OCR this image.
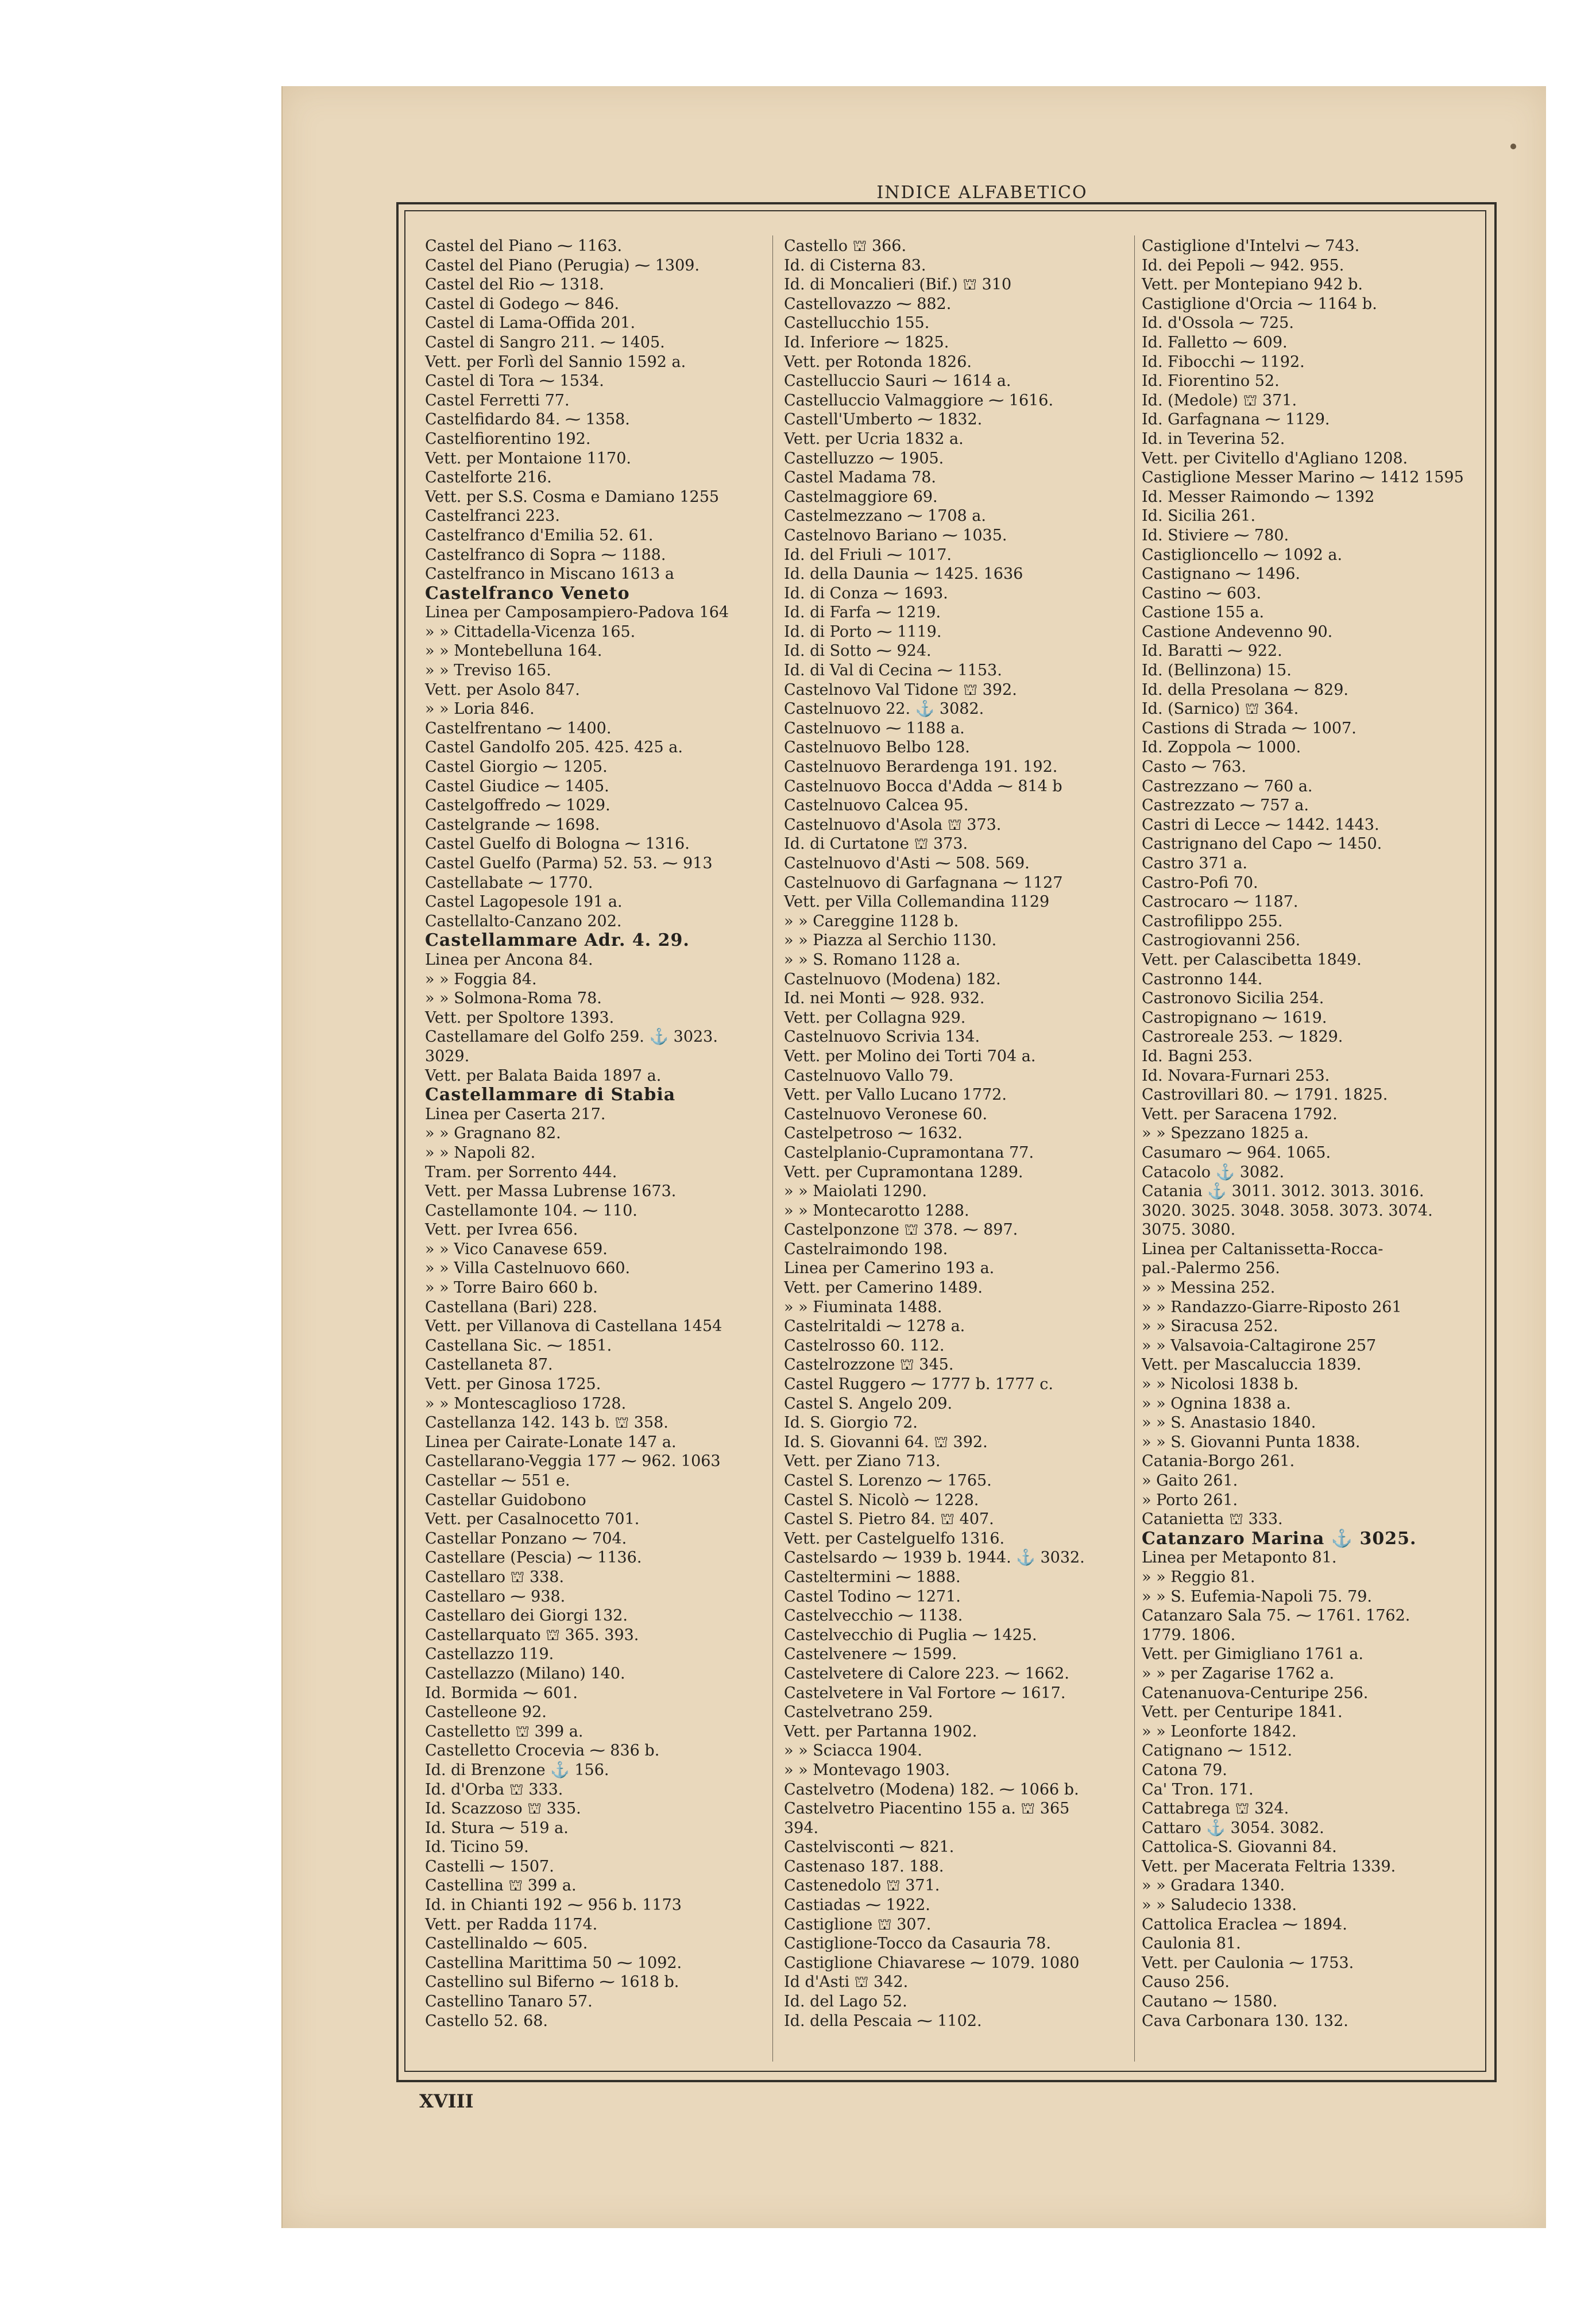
INDICE ALFABETICO
Castel del Piano ⁓ 1163.
Castel del Piano (Perugia) ⁓ 1309.
Castel del Rio ⁓ 1318.
Castel di Godego ⁓ 846.
Castel di Lama-Offida 201.
Castel di Sangro 211. ⁓ 1405.
Vett. per Forlì del Sannio 1592 a.
Castel di Tora ⁓ 1534.
Castel Ferretti 77.
Castelfidardo 84. ⁓ 1358.
Castelfiorentino 192.
Vett. per Montaione 1170.
Castelforte 216.
Vett. per S.S. Cosma e Damiano 1255
Castelfranci 223.
Castelfranco d'Emilia 52. 61.
Castelfranco di Sopra ⁓ 1188.
Castelfranco in Miscano 1613 a
Castelfranco Veneto
Linea per Camposampiero-Padova 164
» » Cittadella-Vicenza 165.
» » Montebelluna 164.
» » Treviso 165.
Vett. per Asolo 847.
» » Loria 846.
Castelfrentano ⁓ 1400.
Castel Gandolfo 205. 425. 425 a.
Castel Giorgio ⁓ 1205.
Castel Giudice ⁓ 1405.
Castelgoffredo ⁓ 1029.
Castelgrande ⁓ 1698.
Castel Guelfo di Bologna ⁓ 1316.
Castel Guelfo (Parma) 52. 53. ⁓ 913
Castellabate ⁓ 1770.
Castel Lagopesole 191 a.
Castellalto-Canzano 202.
Castellammare Adr. 4. 29.
Linea per Ancona 84.
» » Foggia 84.
» » Solmona-Roma 78.
Vett. per Spoltore 1393.
Castellamare del Golfo 259. ⚓ 3023.
3029.
Vett. per Balata Baida 1897 a.
Castellammare di Stabia
Linea per Caserta 217.
» » Gragnano 82.
» » Napoli 82.
Tram. per Sorrento 444.
Vett. per Massa Lubrense 1673.
Castellamonte 104. ⁓ 110.
Vett. per Ivrea 656.
» » Vico Canavese 659.
» » Villa Castelnuovo 660.
» » Torre Bairo 660 b.
Castellana (Bari) 228.
Vett. per Villanova di Castellana 1454
Castellana Sic. ⁓ 1851.
Castellaneta 87.
Vett. per Ginosa 1725.
» » Montescaglioso 1728.
Castellanza 142. 143 b. ⛫ 358.
Linea per Cairate-Lonate 147 a.
Castellarano-Veggia 177 ⁓ 962. 1063
Castellar ⁓ 551 e.
Castellar Guidobono
Vett. per Casalnocetto 701.
Castellar Ponzano ⁓ 704.
Castellare (Pescia) ⁓ 1136.
Castellaro ⛫ 338.
Castellaro ⁓ 938.
Castellaro dei Giorgi 132.
Castellarquato ⛫ 365. 393.
Castellazzo 119.
Castellazzo (Milano) 140.
Id. Bormida ⁓ 601.
Castelleone 92.
Castelletto ⛫ 399 a.
Castelletto Crocevia ⁓ 836 b.
Id. di Brenzone ⚓ 156.
Id. d'Orba ⛫ 333.
Id. Scazzoso ⛫ 335.
Id. Stura ⁓ 519 a.
Id. Ticino 59.
Castelli ⁓ 1507.
Castellina ⛫ 399 a.
Id. in Chianti 192 ⁓ 956 b. 1173
Vett. per Radda 1174.
Castellinaldo ⁓ 605.
Castellina Marittima 50 ⁓ 1092.
Castellino sul Biferno ⁓ 1618 b.
Castellino Tanaro 57.
Castello 52. 68.
Castello ⛫ 366.
Id. di Cisterna 83.
Id. di Moncalieri (Bif.) ⛫ 310
Castellovazzo ⁓ 882.
Castellucchio 155.
Id. Inferiore ⁓ 1825.
Vett. per Rotonda 1826.
Castelluccio Sauri ⁓ 1614 a.
Castelluccio Valmaggiore ⁓ 1616.
Castell'Umberto ⁓ 1832.
Vett. per Ucria 1832 a.
Castelluzzo ⁓ 1905.
Castel Madama 78.
Castelmaggiore 69.
Castelmezzano ⁓ 1708 a.
Castelnovo Bariano ⁓ 1035.
Id. del Friuli ⁓ 1017.
Id. della Daunia ⁓ 1425. 1636
Id. di Conza ⁓ 1693.
Id. di Farfa ⁓ 1219.
Id. di Porto ⁓ 1119.
Id. di Sotto ⁓ 924.
Id. di Val di Cecina ⁓ 1153.
Castelnovo Val Tidone ⛫ 392.
Castelnuovo 22. ⚓ 3082.
Castelnuovo ⁓ 1188 a.
Castelnuovo Belbo 128.
Castelnuovo Berardenga 191. 192.
Castelnuovo Bocca d'Adda ⁓ 814 b
Castelnuovo Calcea 95.
Castelnuovo d'Asola ⛫ 373.
Id. di Curtatone ⛫ 373.
Castelnuovo d'Asti ⁓ 508. 569.
Castelnuovo di Garfagnana ⁓ 1127
Vett. per Villa Collemandina 1129
» » Careggine 1128 b.
» » Piazza al Serchio 1130.
» » S. Romano 1128 a.
Castelnuovo (Modena) 182.
Id. nei Monti ⁓ 928. 932.
Vett. per Collagna 929.
Castelnuovo Scrivia 134.
Vett. per Molino dei Torti 704 a.
Castelnuovo Vallo 79.
Vett. per Vallo Lucano 1772.
Castelnuovo Veronese 60.
Castelpetroso ⁓ 1632.
Castelplanio-Cupramontana 77.
Vett. per Cupramontana 1289.
» » Maiolati 1290.
» » Montecarotto 1288.
Castelponzone ⛫ 378. ⁓ 897.
Castelraimondo 198.
Linea per Camerino 193 a.
Vett. per Camerino 1489.
» » Fiuminata 1488.
Castelritaldi ⁓ 1278 a.
Castelrosso 60. 112.
Castelrozzone ⛫ 345.
Castel Ruggero ⁓ 1777 b. 1777 c.
Castel S. Angelo 209.
Id. S. Giorgio 72.
Id. S. Giovanni 64. ⛫ 392.
Vett. per Ziano 713.
Castel S. Lorenzo ⁓ 1765.
Castel S. Nicolò ⁓ 1228.
Castel S. Pietro 84. ⛫ 407.
Vett. per Castelguelfo 1316.
Castelsardo ⁓ 1939 b. 1944. ⚓ 3032.
Casteltermini ⁓ 1888.
Castel Todino ⁓ 1271.
Castelvecchio ⁓ 1138.
Castelvecchio di Puglia ⁓ 1425.
Castelvenere ⁓ 1599.
Castelvetere di Calore 223. ⁓ 1662.
Castelvetere in Val Fortore ⁓ 1617.
Castelvetrano 259.
Vett. per Partanna 1902.
» » Sciacca 1904.
» » Montevago 1903.
Castelvetro (Modena) 182. ⁓ 1066 b.
Castelvetro Piacentino 155 a. ⛫ 365
394.
Castelvisconti ⁓ 821.
Castenaso 187. 188.
Castenedolo ⛫ 371.
Castiadas ⁓ 1922.
Castiglione ⛫ 307.
Castiglione-Tocco da Casauria 78.
Castiglione Chiavarese ⁓ 1079. 1080
Id d'Asti ⛫ 342.
Id. del Lago 52.
Id. della Pescaia ⁓ 1102.
Castiglione d'Intelvi ⁓ 743.
Id. dei Pepoli ⁓ 942. 955.
Vett. per Montepiano 942 b.
Castiglione d'Orcia ⁓ 1164 b.
Id. d'Ossola ⁓ 725.
Id. Falletto ⁓ 609.
Id. Fibocchi ⁓ 1192.
Id. Fiorentino 52.
Id. (Medole) ⛫ 371.
Id. Garfagnana ⁓ 1129.
Id. in Teverina 52.
Vett. per Civitello d'Agliano 1208.
Castiglione Messer Marino ⁓ 1412 1595
Id. Messer Raimondo ⁓ 1392
Id. Sicilia 261.
Id. Stiviere ⁓ 780.
Castiglioncello ⁓ 1092 a.
Castignano ⁓ 1496.
Castino ⁓ 603.
Castione 155 a.
Castione Andevenno 90.
Id. Baratti ⁓ 922.
Id. (Bellinzona) 15.
Id. della Presolana ⁓ 829.
Id. (Sarnico) ⛫ 364.
Castions di Strada ⁓ 1007.
Id. Zoppola ⁓ 1000.
Casto ⁓ 763.
Castrezzano ⁓ 760 a.
Castrezzato ⁓ 757 a.
Castri di Lecce ⁓ 1442. 1443.
Castrignano del Capo ⁓ 1450.
Castro 371 a.
Castro-Pofi 70.
Castrocaro ⁓ 1187.
Castrofilippo 255.
Castrogiovanni 256.
Vett. per Calascibetta 1849.
Castronno 144.
Castronovo Sicilia 254.
Castropignano ⁓ 1619.
Castroreale 253. ⁓ 1829.
Id. Bagni 253.
Id. Novara-Furnari 253.
Castrovillari 80. ⁓ 1791. 1825.
Vett. per Saracena 1792.
» » Spezzano 1825 a.
Casumaro ⁓ 964. 1065.
Catacolo ⚓ 3082.
Catania ⚓ 3011. 3012. 3013. 3016.
3020. 3025. 3048. 3058. 3073. 3074.
3075. 3080.
Linea per Caltanissetta-Rocca-
pal.-Palermo 256.
» » Messina 252.
» » Randazzo-Giarre-Riposto 261
» » Siracusa 252.
» » Valsavoia-Caltagirone 257
Vett. per Mascaluccia 1839.
» » Nicolosi 1838 b.
» » Ognina 1838 a.
» » S. Anastasio 1840.
» » S. Giovanni Punta 1838.
Catania-Borgo 261.
» Gaito 261.
» Porto 261.
Catanietta ⛫ 333.
Catanzaro Marina ⚓ 3025.
Linea per Metaponto 81.
» » Reggio 81.
» » S. Eufemia-Napoli 75. 79.
Catanzaro Sala 75. ⁓ 1761. 1762.
1779. 1806.
Vett. per Gimigliano 1761 a.
» » per Zagarise 1762 a.
Catenanuova-Centuripe 256.
Vett. per Centuripe 1841.
» » Leonforte 1842.
Catignano ⁓ 1512.
Catona 79.
Ca' Tron. 171.
Cattabrega ⛫ 324.
Cattaro ⚓ 3054. 3082.
Cattolica-S. Giovanni 84.
Vett. per Macerata Feltria 1339.
» » Gradara 1340.
» » Saludecio 1338.
Cattolica Eraclea ⁓ 1894.
Caulonia 81.
Vett. per Caulonia ⁓ 1753.
Causo 256.
Cautano ⁓ 1580.
Cava Carbonara 130. 132.
XVIII
